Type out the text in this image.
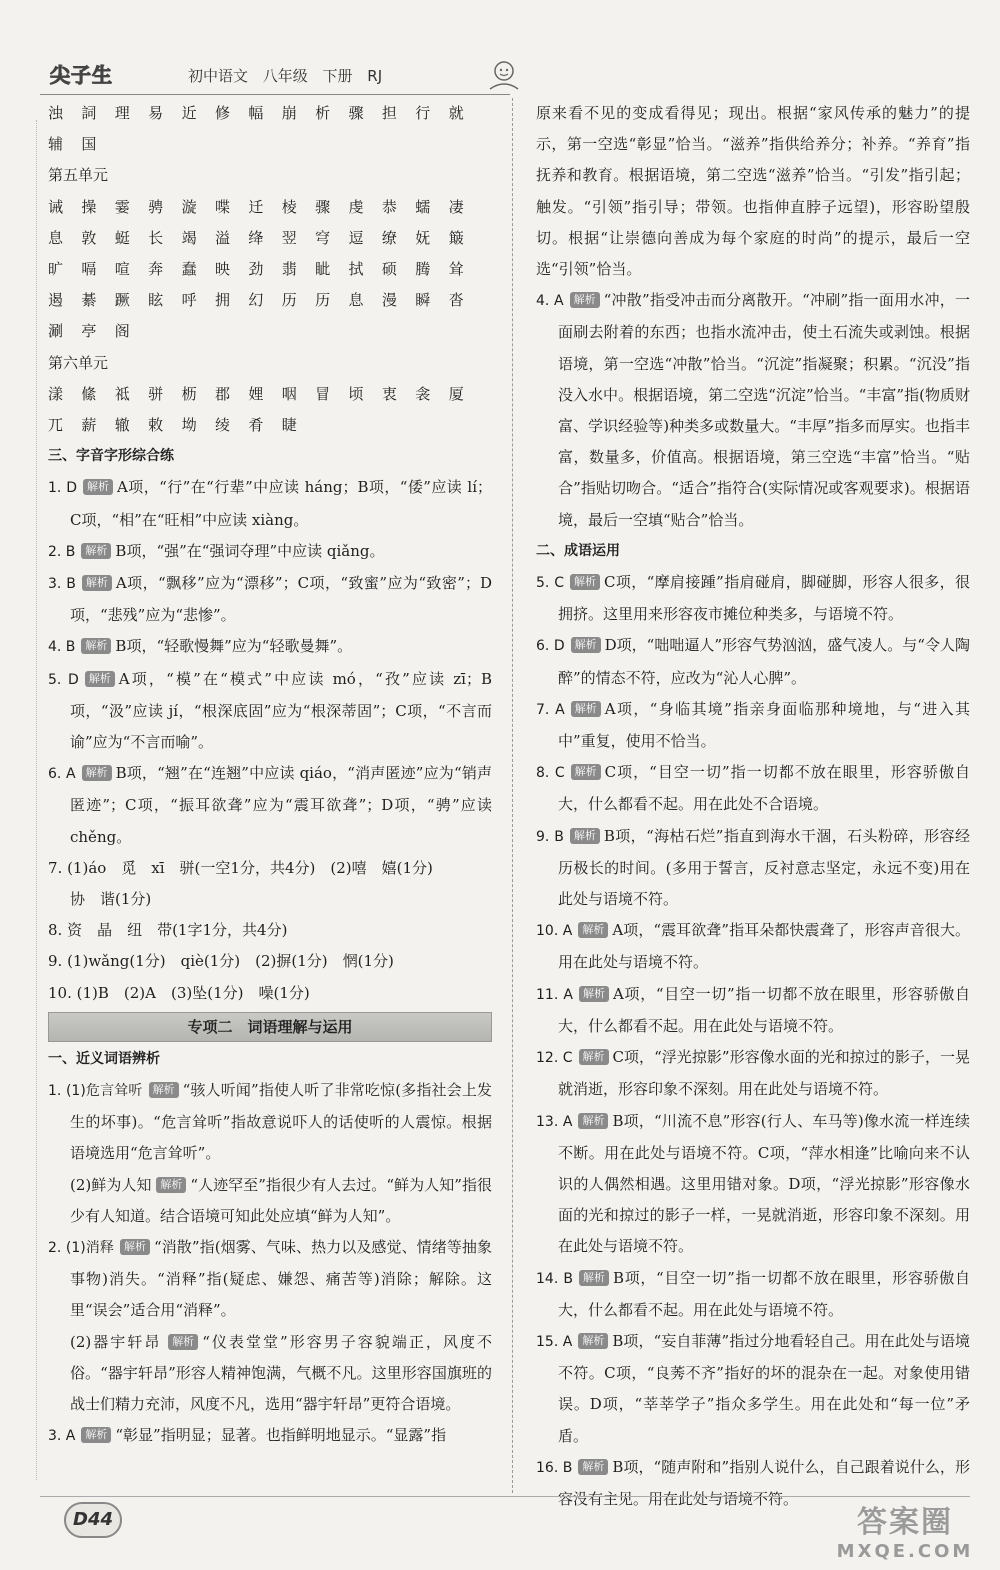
尖子生	初中语文 八年级 下册 RJ
浊	詞	理	易	近	修	幅	崩	析	骤	担	行	就
辅	国
第五单元
诫	操	霎	骋	漩	喋	迁	棱	骤	虔	恭	蠕	凄
息	敦	蜓	长	竭	溢	绛	翌	穹	逗	缭	妩	簸
旷	嗝	喧	奔	蠢	映	劲	翡	眦	拭	硕	腾	耸
遏	綦	蹶	眩	呼	拥	幻	历	历	息	漫	瞬	沓
涮	亭	阁
第六单元
漾	絛	祗	骈	枥	郡	娌	咽	冒	顷	衷	衾	厦
兀	薪	辙	敕	坳	绫	肴	睫
三、字音字形综合练
1. D 解析 A项，“行”在“行辈”中应读 háng；B项，“倭”应读 lí；C项，“相”在“旺相”中应读 xiàng。
2. B 解析 B项，“强”在“强词夺理”中应读 qiǎng。
3. B 解析 A项，“飘移”应为“漂移”；C项，“致蜜”应为“致密”；D项，“悲残”应为“悲惨”。
4. B 解析 B项，“轻歌慢舞”应为“轻歌曼舞”。
5. D 解析 A项，“模”在“模式”中应读 mó，“孜”应读 zī；B项，“汲”应读 jí，“根深底固”应为“根深蒂固”；C项，“不言而谕”应为“不言而喻”。
6. A 解析 B项，“翘”在“连翘”中应读 qiáo，“消声匿迹”应为“销声匿迹”；C项，“振耳欲聋”应为“震耳欲聋”；D项，“骋”应读 chěng。
7. (1)áo　觅　xī　骈(一空1分，共4分)　(2)嘻　嬉(1分)
协　谐(1分)
8. 资　晶　纽　带(1字1分，共4分)
9. (1)wǎng(1分)　qiè(1分)　(2)摒(1分)　惘(1分)
10. (1)B　(2)A　(3)坠(1分)　噪(1分)
专项二　词语理解与运用
一、近义词语辨析
1. (1)危言耸听 解析 “骇人听闻”指使人听了非常吃惊(多指社会上发生的坏事)。“危言耸听”指故意说吓人的话使听的人震惊。根据语境选用“危言耸听”。
(2)鲜为人知 解析 “人迹罕至”指很少有人去过。“鲜为人知”指很少有人知道。结合语境可知此处应填“鲜为人知”。
2. (1)消释 解析 “消散”指(烟雾、气味、热力以及感觉、情绪等抽象事物)消失。“消释”指(疑虑、嫌怨、痛苦等)消除；解除。这里“误会”适合用“消释”。
(2)器宇轩昂 解析 “仪表堂堂”形容男子容貌端正，风度不俗。“器宇轩昂”形容人精神饱满，气概不凡。这里形容国旗班的战士们精力充沛，风度不凡，选用“器宇轩昂”更符合语境。
3. A 解析 “彰显”指明显；显著。也指鲜明地显示。“显露”指
原来看不见的变成看得见；现出。根据“家风传承的魅力”的提示，第一空选“彰显”恰当。“滋养”指供给养分；补养。“养育”指抚养和教育。根据语境，第二空选“滋养”恰当。“引发”指引起；触发。“引领”指引导；带领。也指伸直脖子远望)，形容盼望殷切。根据“让崇德向善成为每个家庭的时尚”的提示，最后一空选“引领”恰当。
4. A 解析 “冲散”指受冲击而分离散开。“冲刷”指一面用水冲，一面刷去附着的东西；也指水流冲击，使土石流失或剥蚀。根据语境，第一空选“冲散”恰当。“沉淀”指凝聚；积累。“沉没”指没入水中。根据语境，第二空选“沉淀”恰当。“丰富”指(物质财富、学识经验等)种类多或数量大。“丰厚”指多而厚实。也指丰富，数量多，价值高。根据语境，第三空选“丰富”恰当。“贴合”指贴切吻合。“适合”指符合(实际情况或客观要求)。根据语境，最后一空填“贴合”恰当。
二、成语运用
5. C 解析 C项，“摩肩接踵”指肩碰肩，脚碰脚，形容人很多，很拥挤。这里用来形容夜市摊位种类多，与语境不符。
6. D 解析 D项，“咄咄逼人”形容气势汹汹，盛气凌人。与“令人陶醉”的情态不符，应改为“沁人心脾”。
7. A 解析 A项，“身临其境”指亲身面临那种境地，与“进入其中”重复，使用不恰当。
8. C 解析 C项，“目空一切”指一切都不放在眼里，形容骄傲自大，什么都看不起。用在此处不合语境。
9. B 解析 B项，“海枯石烂”指直到海水干涸，石头粉碎，形容经历极长的时间。(多用于誓言，反衬意志坚定，永远不变)用在此处与语境不符。
10. A 解析 A项，“震耳欲聋”指耳朵都快震聋了，形容声音很大。用在此处与语境不符。
11. A 解析 A项，“目空一切”指一切都不放在眼里，形容骄傲自大，什么都看不起。用在此处与语境不符。
12. C 解析 C项，“浮光掠影”形容像水面的光和掠过的影子，一晃就消逝，形容印象不深刻。用在此处与语境不符。
13. A 解析 B项，“川流不息”形容(行人、车马等)像水流一样连续不断。用在此处与语境不符。C项，“萍水相逢”比喻向来不认识的人偶然相遇。这里用错对象。D项，“浮光掠影”形容像水面的光和掠过的影子一样，一晃就消逝，形容印象不深刻。用在此处与语境不符。
14. B 解析 B项，“目空一切”指一切都不放在眼里，形容骄傲自大，什么都看不起。用在此处与语境不符。
15. A 解析 B项，“妄自菲薄”指过分地看轻自己。用在此处与语境不符。C项，“良莠不齐”指好的坏的混杂在一起。对象使用错误。D项，“莘莘学子”指众多学生。用在此处和“每一位”矛盾。
16. B 解析 B项，“随声附和”指别人说什么，自己跟着说什么，形容没有主见。用在此处与语境不符。
D44	答案圈
MXQE.COM
